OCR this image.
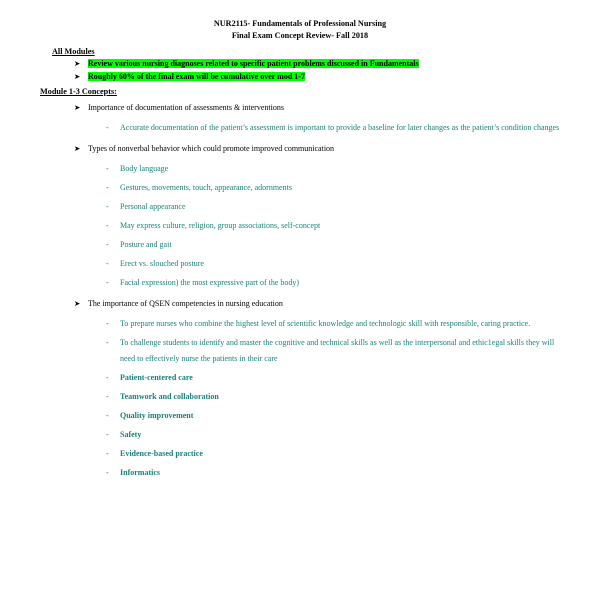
NUR2115- Fundamentals of Professional Nursing
Final Exam Concept Review- Fall 2018
All Modules
➤ Review various nursing diagnoses related to specific patient problems discussed in Fundamentals
➤ Roughly 60% of the final exam will be cumulative over mod 1-7
Module 1-3 Concepts:
➤ Importance of documentation of assessments & interventions
- Accurate documentation of the patient’s assessment is important to provide a baseline for later changes as the patient’s condition changes
➤ Types of nonverbal behavior which could promote improved communication
- Body language
- Gestures, movements, touch, appearance, adornments
- Personal appearance
- May express culture, religion, group associations, self-concept
- Posture and gait
- Erect vs. slouched posture
- Facial expression) the most expressive part of the body)
➤ The importance of QSEN competencies in nursing education
- To prepare nurses who combine the highest level of scientific knowledge and technologic skill with responsible, caring practice.
- To challenge students to identify and master the cognitive and technical skills as well as the interpersonal and ethic1egal skills they will need to effectively nurse the patients in their care
- Patient-centered care
- Teamwork and collaboration
- Quality improvement
- Safety
- Evidence-based practice
- Informatics
